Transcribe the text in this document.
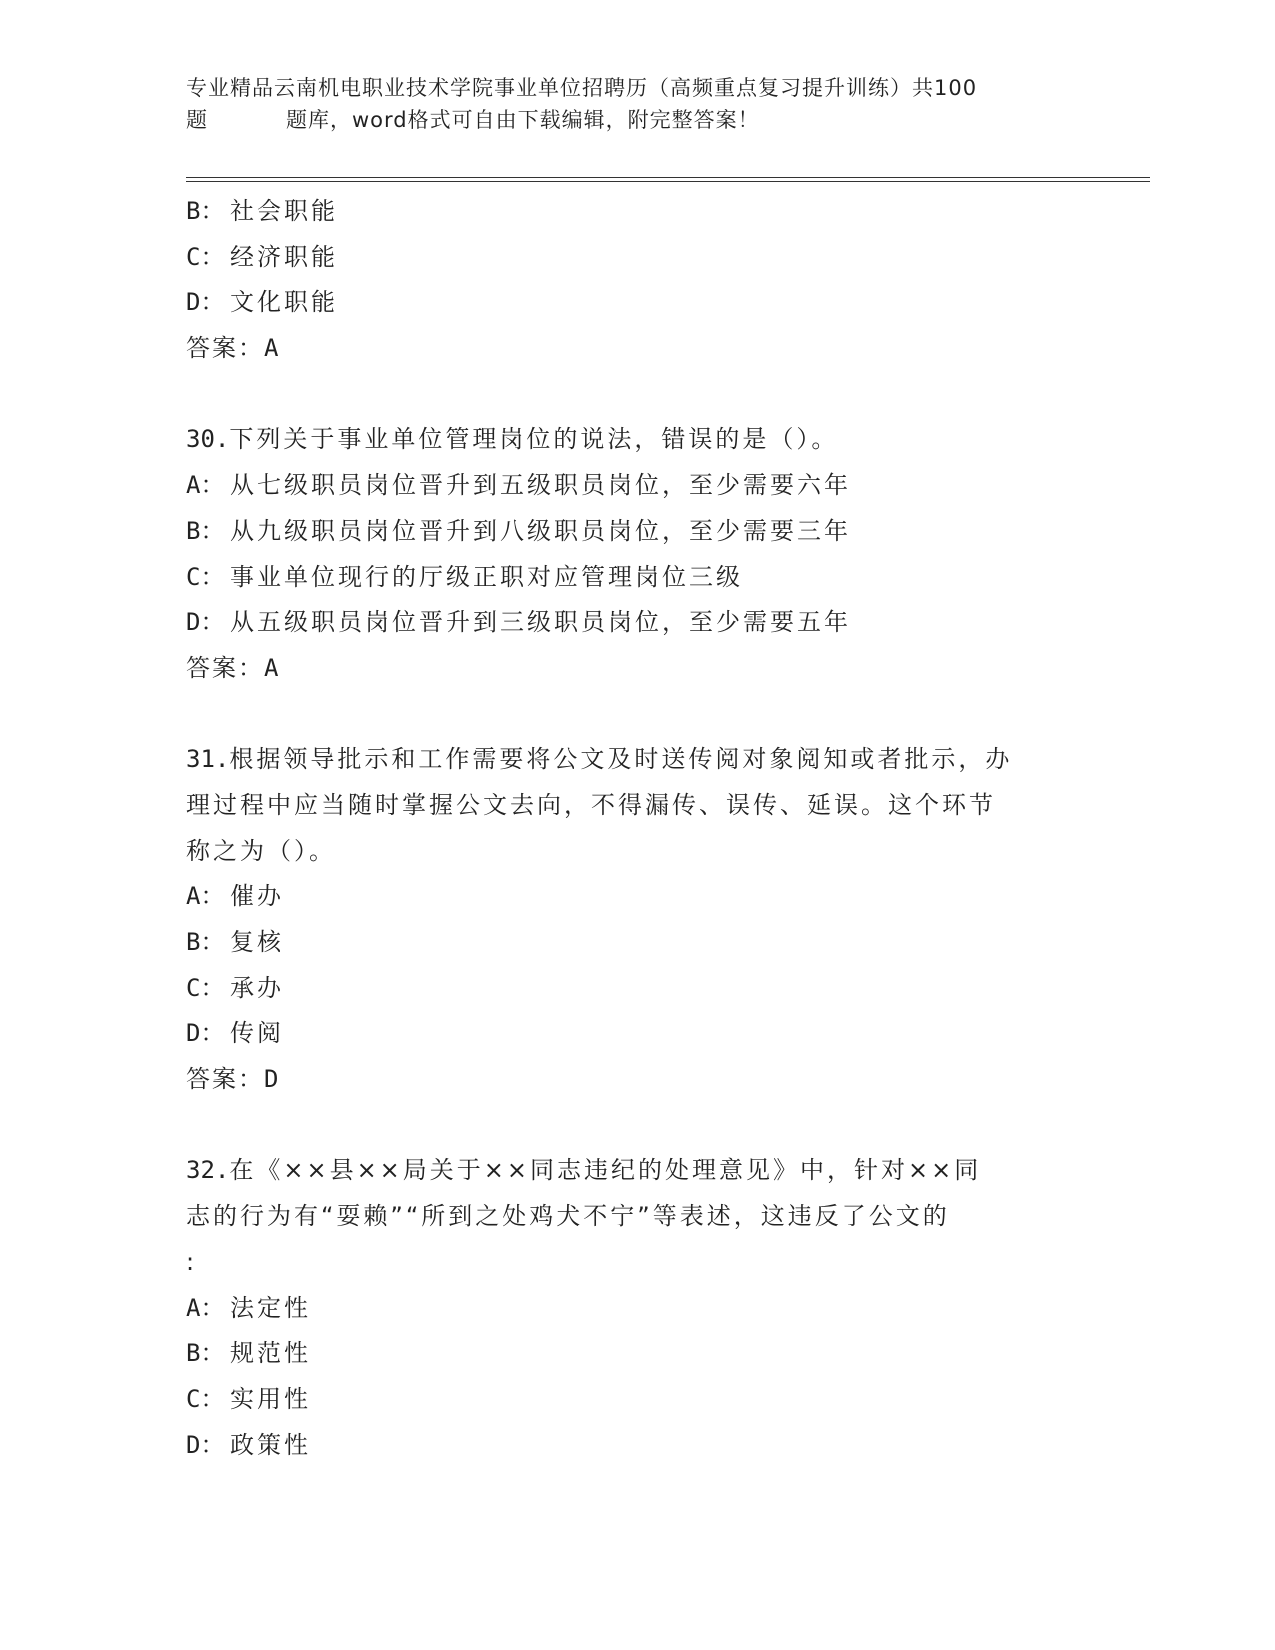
专业精品云南机电职业技术学院事业单位招聘历（高频重点复习提升训练）共100
题	题库，word格式可自由下载编辑，附完整答案！
B： 社会职能
C： 经济职能
D： 文化职能
答案：A
30.下列关于事业单位管理岗位的说法，错误的是（）。
A： 从七级职员岗位晋升到五级职员岗位，至少需要六年
B： 从九级职员岗位晋升到八级职员岗位，至少需要三年
C： 事业单位现行的厅级正职对应管理岗位三级
D： 从五级职员岗位晋升到三级职员岗位，至少需要五年
答案：A
31.根据领导批示和工作需要将公文及时送传阅对象阅知或者批示，办
理过程中应当随时掌握公文去向，不得漏传、误传、延误。这个环节
称之为（）。
A： 催办
B： 复核
C： 承办
D： 传阅
答案：D
32.在《××县××局关于××同志违纪的处理意见》中，针对××同
志的行为有“耍赖”“所到之处鸡犬不宁”等表述，这违反了公文的
:
A： 法定性
B： 规范性
C： 实用性
D： 政策性
